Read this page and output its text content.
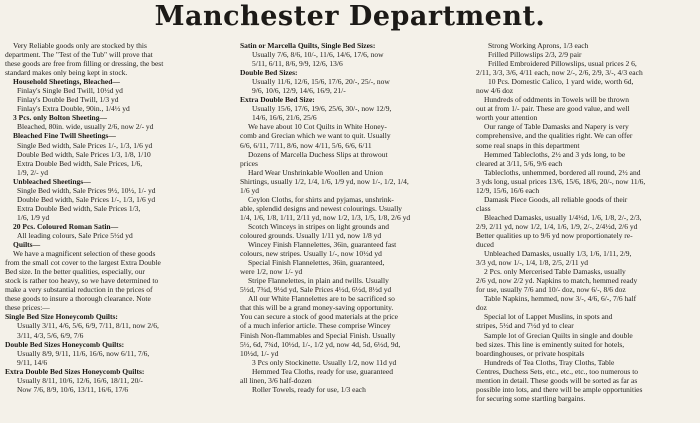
Manchester Department.
Very Reliable goods only are stocked by this
department. The "Test of the Tub" will prove that
these goods are free from filling or dressing, the best
standard makes only being kept in stock.
Household Sheetings, Bleached—
Finlay's Single Bed Twill, 10½d yd
Finlay's Double Bed Twill, 1/3 yd
Finlay's Extra Double, 90in., 1/4½ yd
3 Pcs. only Bolton Sheeting—
Bleached, 80in. wide, usually 2/6, now 2/- yd
Bleached Fine Twill Sheetings—
Single Bed width, Sale Prices 1/-, 1/3, 1/6 yd
Double Bed width, Sale Prices 1/3, 1/8, 1/10
Extra Double Bed width, Sale Prices, 1/6,
1/9, 2/- yd
Unbleached Sheetings—
Single Bed width, Sale Prices 9½, 10½, 1/- yd
Double Bed width, Sale Prices 1/-, 1/3, 1/6 yd
Extra Double Bed width, Sale Prices 1/3,
1/6, 1/9 yd
20 Pcs. Coloured Roman Satin—
All leading colours, Sale Price 5½d yd
Quilts—
We have a magnificent selection of these goods
from the small cot cover to the largest Extra Double
Bed size. In the better qualities, especially, our
stock is rather too heavy, so we have determined to
make a very substantial reduction in the prices of
these goods to insure a thorough clearance. Note
these prices:—
Single Bed Size Honeycomb Quilts:
Usually 3/11, 4/6, 5/6, 6/9, 7/11, 8/11, now 2/6,
3/11, 4/3, 5/6, 6/9, 7/6
Double Bed Sizes Honeycomb Quilts:
Usually 8/9, 9/11, 11/6, 16/6, now 6/11, 7/6,
9/11, 14/6
Extra Double Bed Sizes Honeycomb Quilts:
Usually 8/11, 10/6, 12/6, 16/6, 18/11, 20/-
Now 7/6, 8/9, 10/6, 13/11, 16/6, 17/6
Satin or Marcella Quilts, Single Bed Sizes:
Usually 7/6, 8/6, 10/-, 11/6, 14/6, 17/6, now
5/11, 6/11, 8/6, 9/9, 12/6, 13/6
Double Bed Sizes:
Usually 11/6, 12/6, 15/6, 17/6, 20/-, 25/-, now
9/6, 10/6, 12/9, 14/6, 16/9, 21/-
Extra Double Bed Size:
Usually 15/6, 17/6, 19/6, 25/6, 30/-, now 12/9,
14/6, 16/6, 21/6, 25/6
We have about 10 Cot Quilts in White Honey-
comb and Grecian which we want to quit. Usually
6/6, 6/11, 7/11, 8/6, now 4/11, 5/6, 6/6, 6/11
Dozens of Marcella Duchess Slips at throwout
prices
Hard Wear Unshrinkable Woollen and Union
Shirtings, usually 1/2, 1/4, 1/6, 1/9 yd, now 1/-, 1/2, 1/4,
1/6 yd
Ceylon Cloths, for shirts and pyjamas, unshrink-
able, splendid designs and newest colourings. Usually
1/4, 1/6, 1/8, 1/11, 2/11 yd, now 1/2, 1/3, 1/5, 1/8, 2/6 yd
Scotch Winceys in stripes on light grounds and
coloured grounds. Usually 1/11 yd, now 1/8 yd
Wincey Finish Flannelettes, 36in, guaranteed fast
colours, new stripes. Usually 1/-, now 10½d yd
Special Finish Flannelettes, 36in, guaranteed,
were 1/2, now 1/- yd
Stripe Flannelettes, in plain and twills. Usually
5½d, 7¾d, 9½d yd, Sale Prices 4½d, 6½d, 8½d yd
All our White Flannelettes are to be sacrificed so
that this will be a grand money-saving opportunity.
You can secure a stock of good materials at the price
of a much inferior article. These comprise Wincey
Finish Non-flammables and Special Finish. Usually
5½, 6d, 7¾d, 10½d, 1/-, 1/2 yd, now 4d, 5d, 6½d, 9d,
10½d, 1/- yd
3 Pcs only Stockinette. Usually 1/2, now 11d yd
Hemmed Tea Cloths, ready for use, guaranteed
all linen, 3/6 half-dozen
Roller Towels, ready for use, 1/3 each
Strong Working Aprons, 1/3 each
Frilled Pillowslips 2/3, 2/9 pair
Frilled Embroidered Pillowslips, usual prices 2 6,
2/11, 3/3, 3/6, 4/11 each, now 2/-, 2/6, 2/9, 3/-, 4/3 each
10 Pcs. Domestic Calico, 1 yard wide, worth 6d,
now 4/6 doz
Hundreds of oddments in Towels will be thrown
out at from 1/- pair. These are good value, and well
worth your attention
Our range of Table Damasks and Napery is very
comprehensive, and the qualities right. We can offer
some real snaps in this department
Hemmed Tablecloths, 2½ and 3 yds long, to be
cleared at 3/11, 5/6, 9/6 each
Tablecloths, unhemmed, bordered all round, 2½ and
3 yds long, usual prices 13/6, 15/6, 18/6, 20/-, now 11/6,
12/9, 15/6, 16/6 each
Damask Piece Goods, all reliable goods of their
class
Bleached Damasks, usually 1/4½d, 1/6, 1/8, 2/-, 2/3,
2/9, 2/11 yd, now 1/2, 1/4, 1/6, 1/9, 2/-, 2/4½d, 2/6 yd
Better qualities up to 9/6 yd now proportionately re-
duced
Unbleached Damasks, usually 1/3, 1/6, 1/11, 2/9,
3/3 yd, now 1/-, 1/4, 1/8, 2/5, 2/11 yd
2 Pcs. only Mercerised Table Damasks, usually
2/6 yd, now 2/2 yd. Napkins to match, hemmed ready
for use, usually 7/6 and 10/- doz, now 6/-, 8/6 doz
Table Napkins, hemmed, now 3/-, 4/6, 6/-, 7/6 half
doz
Special lot of Lappet Muslins, in spots and
stripes, 5½d and 7½d yd to clear
Sample lot of Grecian Quilts in single and double
bed sizes. This line is eminently suited for hotels,
boardinghouses, or private hospitals
Hundreds of Tea Cloths, Tray Cloths, Table
Centres, Duchess Sets, etc., etc., etc., too numerous to
mention in detail. These goods will be sorted as far as
possible into lots, and there will be ample opportunities
for securing some startling bargains.
